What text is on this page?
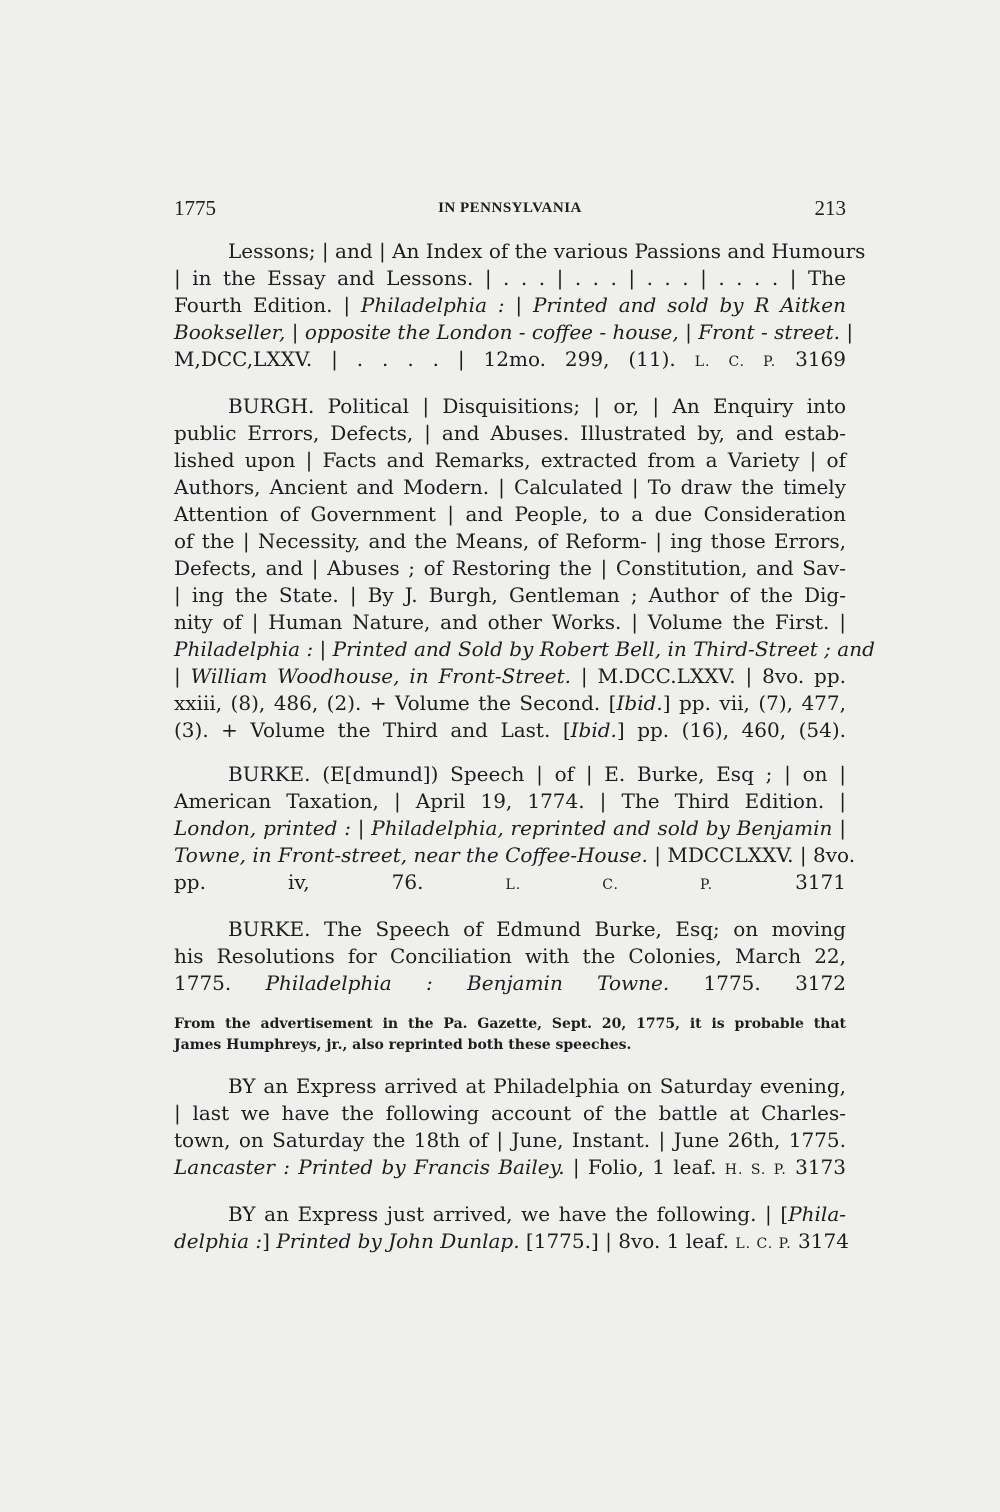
1775	IN PENNSYLVANIA	213

Lessons; | and | An Index of the various Passions and Humours
| in the Essay and Lessons. | . . . | . . . | . . . | . . . . | The
Fourth Edition. | Philadelphia : | Printed and sold by R Aitken
Bookseller, | opposite the London - coffee - house, | Front - street. |
M,DCC,LXXV. | . . . . | 12mo. 299, (11). L. C. P. 3169

BURGH. Political | Disquisitions; | or, | An Enquiry into
public Errors, Defects, | and Abuses. Illustrated by, and estab-
lished upon | Facts and Remarks, extracted from a Variety | of
Authors, Ancient and Modern. | Calculated | To draw the timely
Attention of Government | and People, to a due Consideration
of the | Necessity, and the Means, of Reform- | ing those Errors,
Defects, and | Abuses ; of Restoring the | Constitution, and Sav-
| ing the State. | By J. Burgh, Gentleman ; Author of the Dig-
nity of | Human Nature, and other Works. | Volume the First. |
Philadelphia : | Printed and Sold by Robert Bell, in Third-Street ; and
| William Woodhouse, in Front-Street. | M.DCC.LXXV. | 8vo. pp.
xxiii, (8), 486, (2). + Volume the Second. [Ibid.] pp. vii, (7), 477,
(3). + Volume the Third and Last. [Ibid.] pp. (16), 460, (54).

BURKE. (E[dmund]) Speech | of | E. Burke, Esq ; | on |
American Taxation, | April 19, 1774. | The Third Edition. |
London, printed : | Philadelphia, reprinted and sold by Benjamin |
Towne, in Front-street, near the Coffee-House. | MDCCLXXV. | 8vo.
pp. iv, 76. L. C. P. 3171

BURKE. The Speech of Edmund Burke, Esq; on moving
his Resolutions for Conciliation with the Colonies, March 22,
1775. Philadelphia : Benjamin Towne. 1775. 3172

From the advertisement in the Pa. Gazette, Sept. 20, 1775, it is probable that
James Humphreys, jr., also reprinted both these speeches.

BY an Express arrived at Philadelphia on Saturday evening,
| last we have the following account of the battle at Charles-
town, on Saturday the 18th of | June, Instant. | June 26th, 1775.
Lancaster : Printed by Francis Bailey. | Folio, 1 leaf. H. S. P. 3173

BY an Express just arrived, we have the following. | [Phila-
delphia :] Printed by John Dunlap. [1775.] | 8vo. 1 leaf. L. C. P. 3174
